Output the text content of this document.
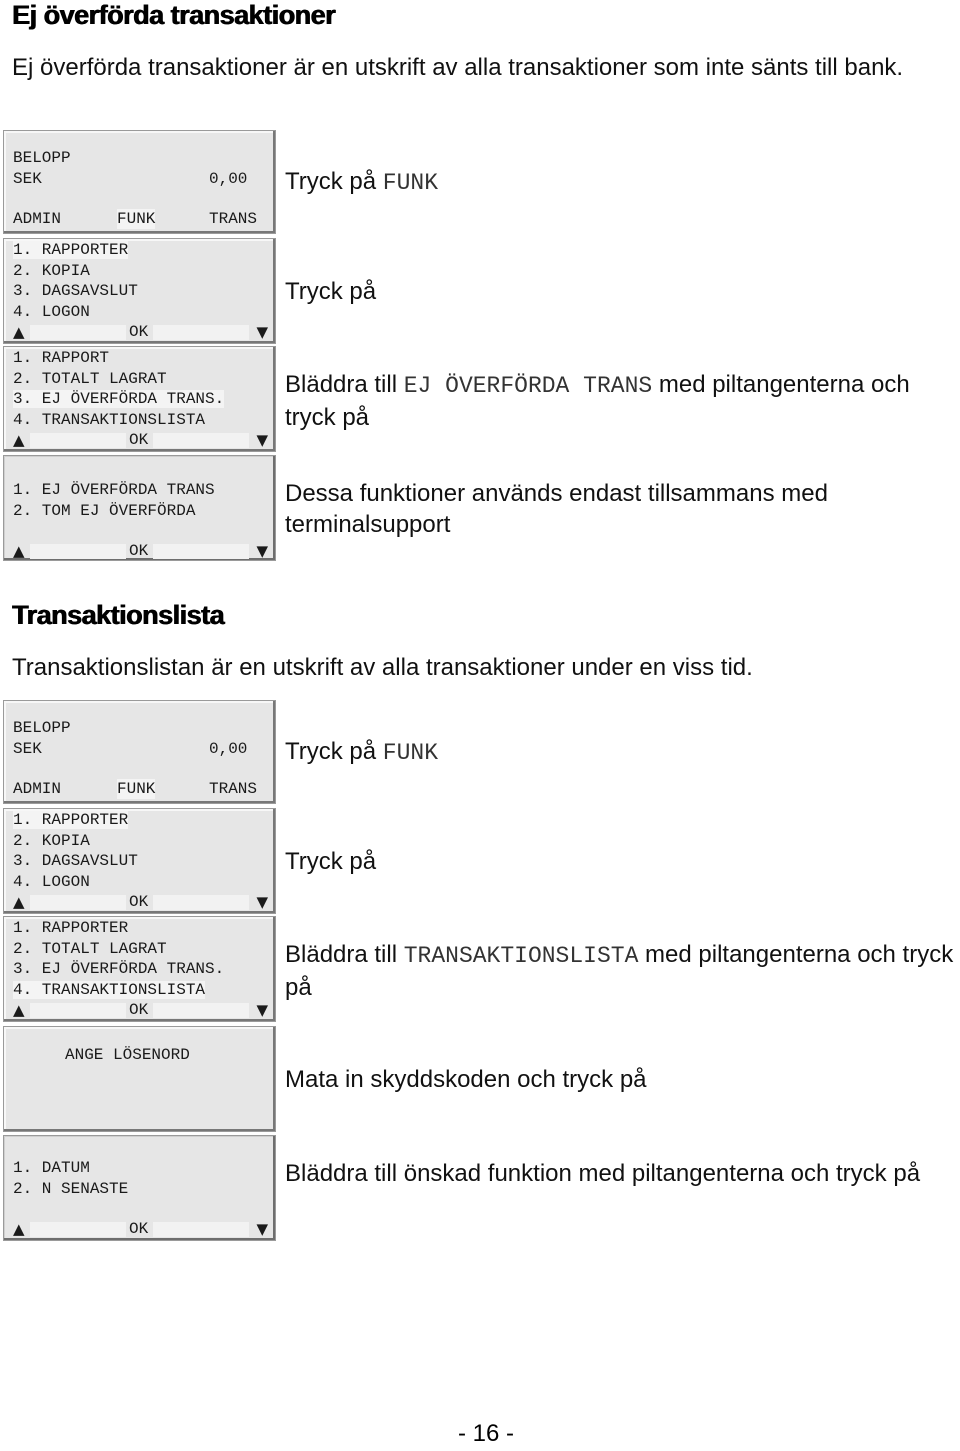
Ej överförda transaktioner

Ej överförda transaktioner är en utskrift av alla transaktioner som inte sänts till bank.

BELOPP
SEK	0,00
ADMIN	FUNK	TRANS
1. RAPPORTER
2. KOPIA
3. DAGSAVSLUT
4. LOGON
▲	OK	▼
1. RAPPORT
2. TOTALT LAGRAT
3. EJ ÖVERFÖRDA TRANS.
4. TRANSAKTIONSLISTA
▲	OK	▼
1. EJ ÖVERFÖRDA TRANS
2. TOM EJ ÖVERFÖRDA
▲	OK	▼

Tryck på FUNK

Tryck på

Bläddra till EJ ÖVERFÖRDA TRANS med piltangenterna och tryck på

Dessa funktioner används endast tillsammans med terminalsupport

Transaktionslista

Transaktionslistan är en utskrift av alla transaktioner under en viss tid.

BELOPP
SEK	0,00
ADMIN	FUNK	TRANS
1. RAPPORTER
2. KOPIA
3. DAGSAVSLUT
4. LOGON
▲	OK	▼
1. RAPPORTER
2. TOTALT LAGRAT
3. EJ ÖVERFÖRDA TRANS.
4. TRANSAKTIONSLISTA
▲	OK	▼
ANGE LÖSENORD
1. DATUM
2. N SENASTE
▲	OK	▼

Tryck på FUNK

Tryck på

Bläddra till TRANSAKTIONSLISTA med piltangenterna och tryck på

Mata in skyddskoden och tryck på

Bläddra till önskad funktion med piltangenterna och tryck på

- 16 -
